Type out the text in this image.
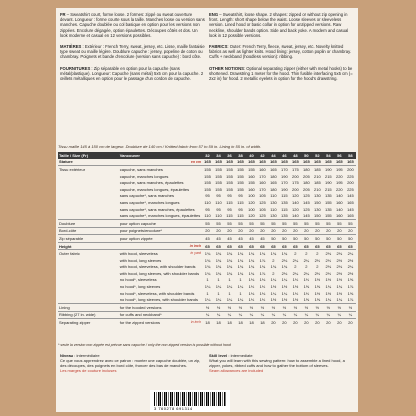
FR – Sweatshirt court, forme loose. 2 formes: zippé ou sweat ouverture devant. Longueur : forme courte sous la taille. Manches loose ou version sans manches. Capuche doublée ou col basique en option pour les versions non zippées. Encolure dégagée, option épaulettes. Découpes côtés et dos. Un look moderne et casual en 12 versions possibles.
MATIÈRES : Extérieur : French Terry, sweat, jersey, etc. Lisse, maille fantaisie type sweat ou maille légère. Doublure capuche : jersey, popeline de coton ou chambray. Poignets et bande d'encolure (version sans capuche) : bord côte.
FOURNITURES : Zip séparable en option pour la capuche (sans métal/plastique). Longueur: Capuche (sans métal) 5x5 cm pour la capuche. 2 œillets métalliques en option pour le passage d'un cordon de capuche.
ENG – Sweatshirt, loose shape. 2 shapes: zipped or without zip opening in front. Length: short shape below the waist. Loose sleeves or sleeveless version. Lined hood or basic collar in option for unzipped versions. Raw neckline, shoulder bands option. Side and back yoke. A modern and casual look in 12 possible versions.
FABRICS: Outer: French Terry, fleece, sweat, jersey, etc. Novelty knitted fabrics as well as lighter knits. Hood lining: jersey, cotton poplin or chambray. Cuffs + neckband (hoodless version): ribbing.
OTHER NOTIONS: Optional separating zipper (either with metal hooks) to be shortened. Drawstring 1 meter for the hood. Thin fusible interfacing 5x5 cm (= 2x2 in) for hood. 2 metallic eyelets in option for the hood's drawstring.
Tissu maille 145 à 150 cm de largeur. Doublure de 140 cm / Knitted fabric from 57 to 59 in. Lining in 55 in. of width.
Taille / Size (Fr)	Vancouver	32	34	36	38	40	42	44	46	48	50	52	54	56	58
Stature	en cm	165	165	165	165	165	165	165	165	165	165	165	165	165	165
Tissu extérieur	capuche, sans manches	155	155	155	155	155	160	165	170	175	180	185	190	195	200
	capuche, manches longues	155	155	155	155	160	170	180	190	200	205	210	215	220	225
	capuche, sans manches, épaulettes	155	155	155	155	155	160	165	170	175	180	185	190	195	200
	capuche, manches longues, épaulettes	155	155	155	155	160	170	180	190	200	205	210	215	220	225
	sans capuche*, sans manches	95	95	95	95	100	105	110	115	120	125	130	135	140	145
	sans capuche*, manches longues	110	110	115	115	120	125	130	135	140	145	150	155	160	165
	sans capuche*, sans manches, épaulettes	95	95	95	95	100	105	110	115	120	125	130	135	140	145
	sans capuche*, manches longues, épaulettes	110	110	115	115	120	125	130	135	140	145	150	155	160	165
Doublure	pour option capuche	55	55	55	55	55	55	55	55	55	55	55	55	55	55
Bord-côte	pour poignets/encolure*	20	20	20	20	20	20	20	20	20	20	20	20	20	20
Zip séparable	pour option zippée	45	45	45	45	45	45	50	50	50	50	50	50	50	50
Height	in inch	65	65	65	65	65	65	65	65	65	65	65	65	65	65
Outer fabric	with hood, sleeveless in yard	1¾	1¾	1¾	1¾	1¾	1¾	1¾	1¾	2	2	2	2⅛	2⅛	2¼
	with hood, long sleeves	1¾	1¾	1¾	1¾	1¾	1⅞	2	2⅛	2¼	2¼	2⅓	2⅓	2½	2½
	with hood, sleeveless, with shoulder bands	1¾	1¾	1¾	1¾	1¾	1¾	1¾	1¾	2	2	2	2⅛	2⅛	2¼
	with hood, long sleeves, with shoulder bands	1¾	1¾	1¾	1¾	1¾	1⅞	2	2⅛	2¼	2¼	2⅓	2⅓	2½	2½
	no hood*, sleeveless	1	1	1	1	1⅛	1⅛	1¼	1¼	1⅓	1⅓	1½	1½	1½	1⅝
	no hood*, long sleeves	1¼	1¼	1¼	1¼	1⅓	1⅓	1½	1½	1½	1⅝	1⅝	1¾	1¾	1⅞
	no hood*, sleeveless, with shoulder bands	1	1	1	1	1⅛	1⅛	1¼	1¼	1⅓	1⅓	1½	1½	1½	1⅝
	no hood*, long sleeves, with shoulder bands	1¼	1¼	1¼	1¼	1⅓	1⅓	1½	1½	1½	1⅝	1⅝	1¾	1¾	1⅞
Lining	for the hooded versions	½	½	½	½	½	½	½	½	½	½	½	½	½	½
Ribbing (27 in. wide)	for cuffs and neckband*	¼	¼	¼	¼	¼	¼	¼	¼	¼	¼	¼	¼	¼	¼
Separating zipper	for the zipped versions in inch	18	18	18	18	18	18	20	20	20	20	20	20	20	20
* seule la version non zippée est prévue sans capuche / only the non zipped version is possible without hood
Niveau : intermédiaire
Ce que vous apprendrez avec ce patron : monter une capuche doublée, un zip, des découpes, des poignets en bord côte, froncer des bas de manches.
Les marges de couture incluses
Skill level : intermediate
What you will learn with this sewing pattern: how to assemble a lined hood, a zipper, yokes, ribbed cuffs and how to gather the bottom of sleeves.
Seam allowances are included
3 760278 691314
